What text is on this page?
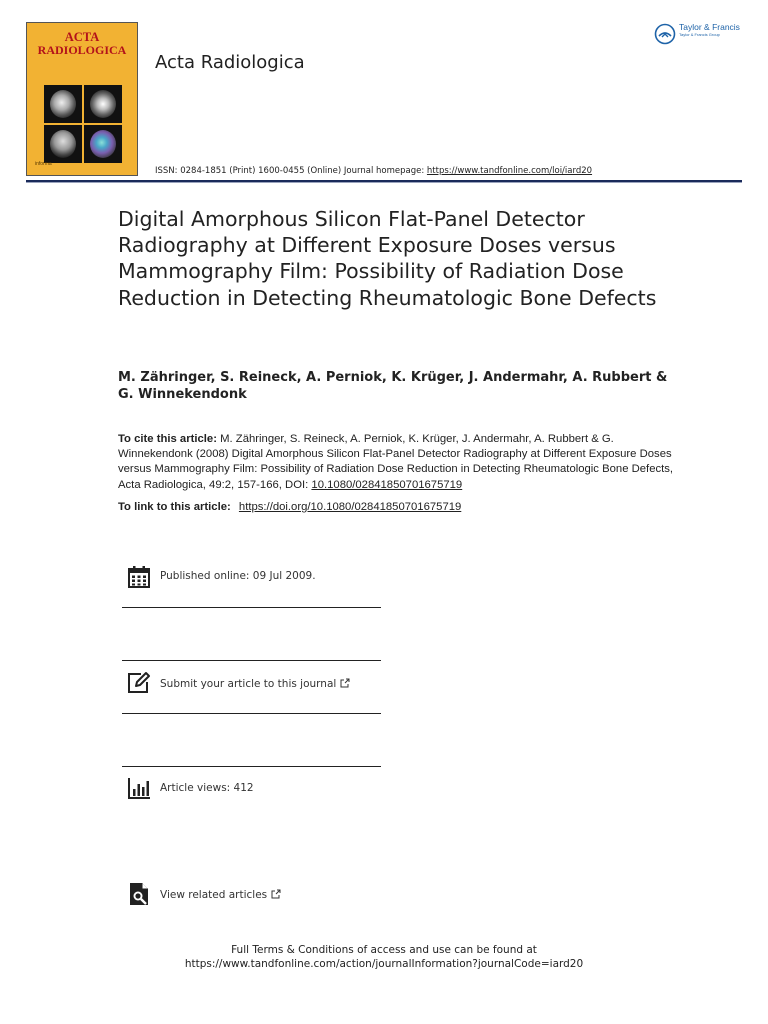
ACTA
RADIOLOGICA
informa
Acta Radiologica
Taylor & Francis
Taylor & Francis Group
ISSN: 0284-1851 (Print) 1600-0455 (Online) Journal homepage: https://www.tandfonline.com/loi/iard20
Digital Amorphous Silicon Flat-Panel Detector Radiography at Different Exposure Doses versus Mammography Film: Possibility of Radiation Dose Reduction in Detecting Rheumatologic Bone Defects
M. Zähringer, S. Reineck, A. Perniok, K. Krüger, J. Andermahr, A. Rubbert & G. Winnekendonk
To cite this article: M. Zähringer, S. Reineck, A. Perniok, K. Krüger, J. Andermahr, A. Rubbert & G. Winnekendonk (2008) Digital Amorphous Silicon Flat-Panel Detector Radiography at Different Exposure Doses versus Mammography Film: Possibility of Radiation Dose Reduction in Detecting Rheumatologic Bone Defects, Acta Radiologica, 49:2, 157-166, DOI: 10.1080/02841850701675719
To link to this article: https://doi.org/10.1080/02841850701675719
Published online: 09 Jul 2009.
Submit your article to this journal
Article views: 412
View related articles
Full Terms & Conditions of access and use can be found at
https://www.tandfonline.com/action/journalInformation?journalCode=iard20
